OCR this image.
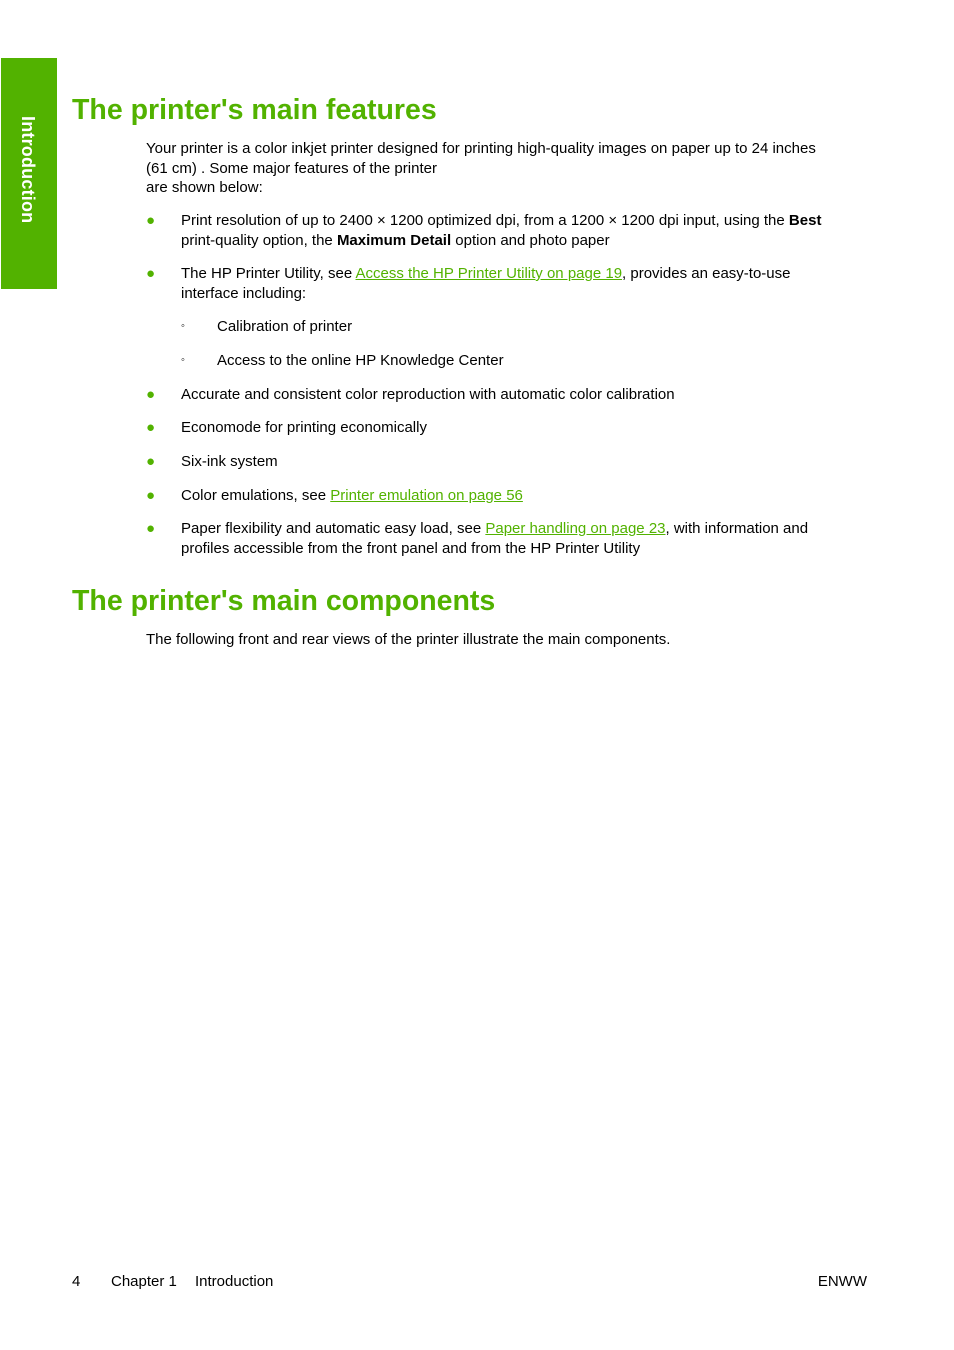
Introduction
The printer's main features

Your printer is a color inkjet printer designed for printing high-quality images on paper up to 24 inches
(61 cm) . Some major features of the printer
are shown below:

● Print resolution of up to 2400 × 1200 optimized dpi, from a 1200 × 1200 dpi input, using the Best
print-quality option, the Maximum Detail option and photo paper
● The HP Printer Utility, see Access the HP Printer Utility on page 19, provides an easy-to-use
interface including:
◦ Calibration of printer
◦ Access to the online HP Knowledge Center
● Accurate and consistent color reproduction with automatic color calibration
● Economode for printing economically
● Six-ink system
● Color emulations, see Printer emulation on page 56
● Paper flexibility and automatic easy load, see Paper handling on page 23, with information and
profiles accessible from the front panel and from the HP Printer Utility
The printer's main components

The following front and rear views of the printer illustrate the main components.

4 Chapter 1 Introduction	ENWW
